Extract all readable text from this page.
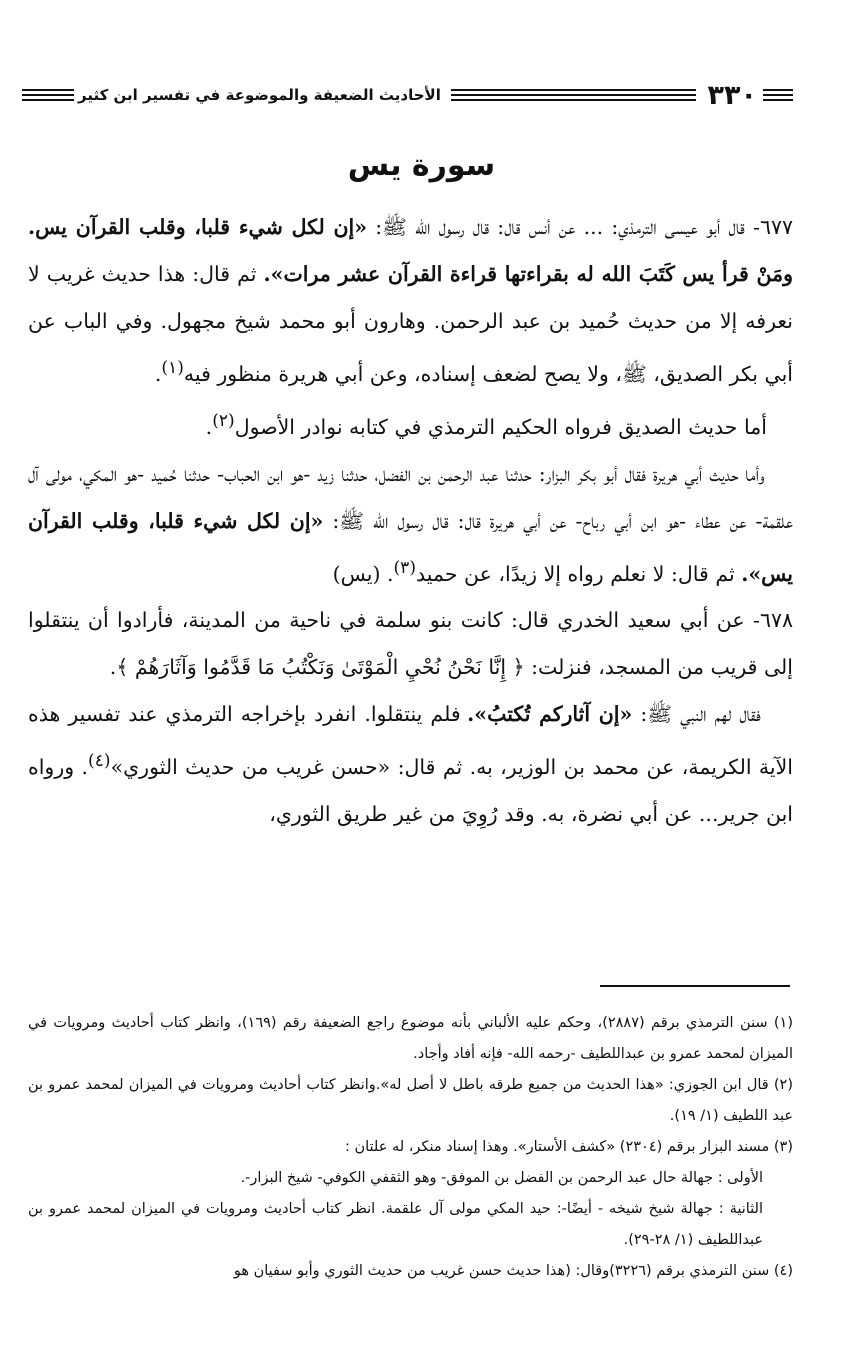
الأحاديث الضعيفة والموضوعة في تفسير ابن كثير	٣٣٠
سورة يس

٦٧٧- قال أبو عيسى الترمذي: ... عن أنس قال: قال رسول الله ﷺ: «إن لكل شيء قلبا، وقلب القرآن يس. ومَنْ قرأ يس كَتَبَ الله له بقراءتها قراءة القرآن عشر مرات». ثم قال: هذا حديث غريب لا نعرفه إلا من حديث حُميد بن عبد الرحمن. وهارون أبو محمد شيخ مجهول. وفي الباب عن أبي بكر الصديق، ﷺ، ولا يصح لضعف إسناده، وعن أبي هريرة منظور فيه$^{(١)}$.

أما حديث الصديق فرواه الحكيم الترمذي في كتابه نوادر الأصول$^{(٢)}$.

وأما حديث أبي هريرة فقال أبو بكر البزار: حدثنا عبد الرحمن بن الفضل، حدثنا زيد -هو ابن الحباب- حدثنا حُميد -هو المكي، مولى آل علقمة- عن عطاء -هو ابن أبي رباح- عن أبي هريرة قال: قال رسول الله ﷺ: «إن لكل شيء قلبا، وقلب القرآن يس». ثم قال: لا نعلم رواه إلا زيدًا، عن حميد$^{(٣)}$. (يس)

٦٧٨- عن أبي سعيد الخدري قال: كانت بنو سلمة في ناحية من المدينة، فأرادوا أن ينتقلوا إلى قريب من المسجد، فنزلت: ﴿ إِنَّا نَحْنُ نُحْيِ الْمَوْتَىٰ وَنَكْتُبُ مَا قَدَّمُوا وَآثَارَهُمْ ﴾.

فقال لهم النبي ﷺ: «إن آثاركم تُكتبُ». فلم ينتقلوا. انفرد بإخراجه الترمذي عند تفسير هذه الآية الكريمة، عن محمد بن الوزير، به. ثم قال: «حسن غريب من حديث الثوري»$^{(٤)}$. ورواه ابن جرير... عن أبي نضرة، به. وقد رُوِيَ من غير طريق الثوري،

(١) سنن الترمذي برقم (٢٨٨٧)، وحكم عليه الألباني بأنه موضوع راجع الضعيفة رقم (١٦٩)، وانظر كتاب أحاديث ومرويات في الميزان لمحمد عمرو بن عبداللطيف -رحمه الله- فإنه أفاد وأجاد.

(٢) قال ابن الجوزي: «هذا الحديث من جميع طرقه باطل لا أصل له».وانظر كتاب أحاديث ومرويات في الميزان لمحمد عمرو بن عبد اللطيف (١/ ١٩).

(٣) مسند البزار برقم (٢٣٠٤) «كشف الأستار». وهذا إسناد منكر، له علتان :

الأولى : جهالة حال عبد الرحمن بن الفضل بن الموفق- وهو الثقفي الكوفي- شيخ البزار-.

الثانية : جهالة شيخ شيخه - أيضًا-: حيد المكي مولى آل علقمة. انظر كتاب أحاديث ومرويات في الميزان لمحمد عمرو بن عبداللطيف (١/ ٢٨-٢٩).

(٤) سنن الترمذي برقم (٣٢٢٦)وقال: (هذا حديث حسن غريب من حديث الثوري وأبو سفيان هو
